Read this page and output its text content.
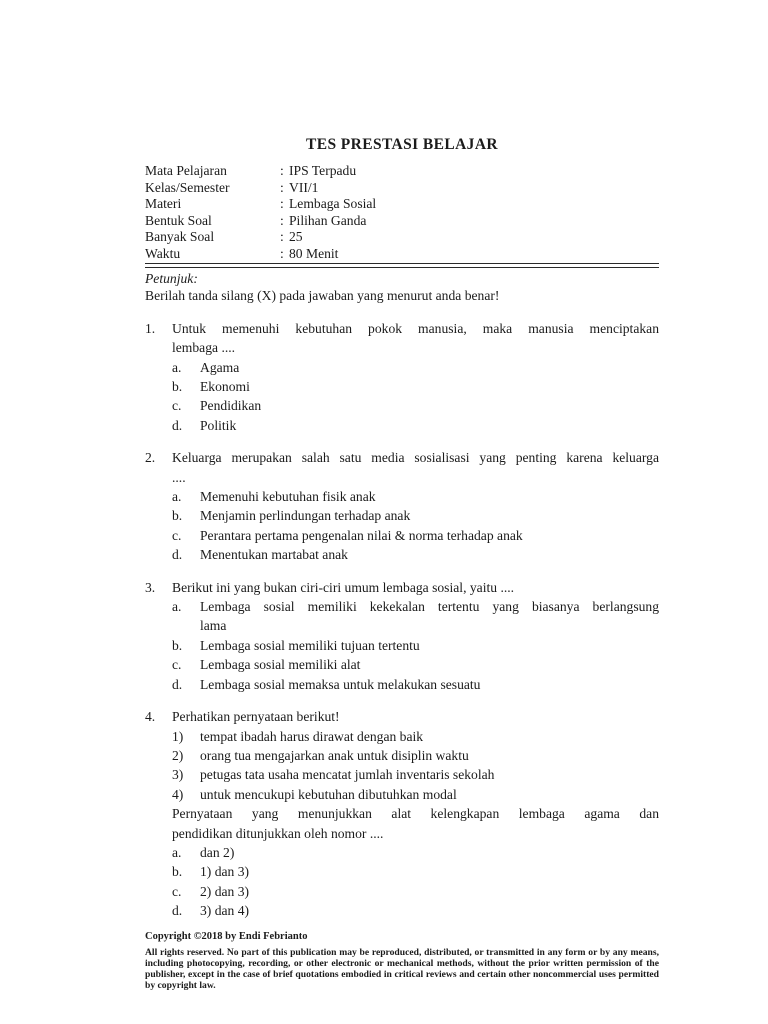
TES PRESTASI BELAJAR
Mata Pelajaran	: IPS Terpadu
Kelas/Semester	: VII/1
Materi	: Lembaga Sosial
Bentuk Soal	: Pilihan Ganda
Banyak Soal	: 25
Waktu	: 80 Menit
Petunjuk:
Berilah tanda silang (X) pada jawaban yang menurut anda benar!
1.	Untuk memenuhi kebutuhan pokok manusia, maka manusia menciptakan
lembaga ....
a.	Agama
b.	Ekonomi
c.	Pendidikan
d.	Politik
2.	Keluarga merupakan salah satu media sosialisasi yang penting karena keluarga
....
a.	Memenuhi kebutuhan fisik anak
b.	Menjamin perlindungan terhadap anak
c.	Perantara pertama pengenalan nilai & norma terhadap anak
d.	Menentukan martabat anak
3.	Berikut ini yang bukan ciri-ciri umum lembaga sosial, yaitu ....
a.	Lembaga sosial memiliki kekekalan tertentu yang biasanya berlangsung
lama
b.	Lembaga sosial memiliki tujuan tertentu
c.	Lembaga sosial memiliki alat
d.	Lembaga sosial memaksa untuk melakukan sesuatu
4.	Perhatikan pernyataan berikut!
1)	tempat ibadah harus dirawat dengan baik
2)	orang tua mengajarkan anak untuk disiplin waktu
3)	petugas tata usaha mencatat jumlah inventaris sekolah
4)	untuk mencukupi kebutuhan dibutuhkan modal
Pernyataan yang menunjukkan alat kelengkapan lembaga agama dan
pendidikan ditunjukkan oleh nomor ....
a.	dan 2)
b.	1) dan 3)
c.	2) dan 3)
d.	3) dan 4)
Copyright ©2018 by Endi Febrianto
All rights reserved. No part of this publication may be reproduced, distributed, or transmitted in any form or by any means, including photocopying, recording, or other electronic or mechanical methods, without the prior written permission of the publisher, except in the case of brief quotations embodied in critical reviews and certain other noncommercial uses permitted by copyright law.
